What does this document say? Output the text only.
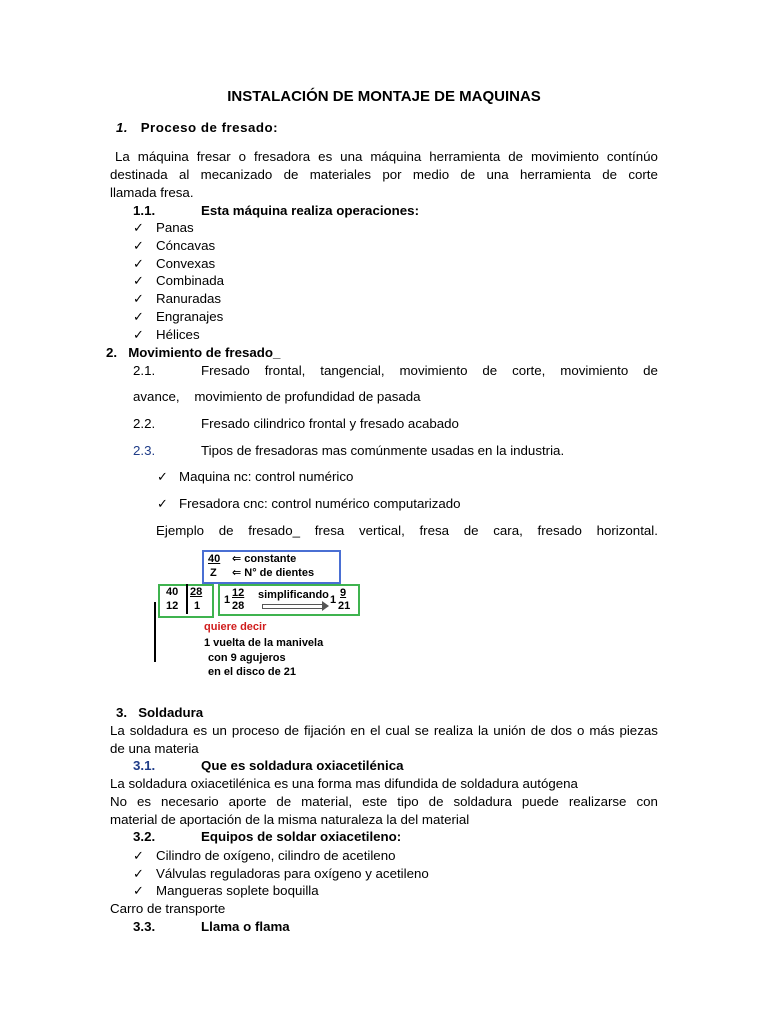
INSTALACIÓN DE MONTAJE DE MAQUINAS
1. Proceso de fresado:
La máquina fresar o fresadora es una máquina herramienta de movimiento contínúo
destinada al mecanizado de materiales por medio de una herramienta de corte
llamada fresa.
1.1.	Esta máquina realiza operaciones:
✓ Panas
✓ Cóncavas
✓ Convexas
✓ Combinada
✓ Ranuradas
✓ Engranajes
✓ Hélices
2. Movimiento de fresado_
2.1.	Fresado frontal, tangencial, movimiento de corte, movimiento de
avance,    movimiento de profundidad de pasada
2.2.	Fresado cilindrico frontal y fresado acabado
2.3.	Tipos de fresadoras mas comúnmente usadas en la industria.
✓ Maquina nc: control numérico
✓ Fresadora cnc: control numérico computarizado
Ejemplo de fresado_ fresa vertical, fresa de cara, fresado horizontal.
40
Z
⇐ constante
⇐ N° de dientes
40
12
28
1 1
12
28
simplificando 1
9
21
quiere decir
1 vuelta de la manivela
con 9 agujeros
en el disco de 21
3. Soldadura
La soldadura es un proceso de fijación en el cual se realiza la unión de dos o más piezas
de una materia
3.1.	Que es soldadura oxiacetilénica
La soldadura oxiacetilénica es una forma mas difundida de soldadura autógena
No es necesario aporte de material, este tipo de soldadura puede realizarse con
material de aportación de la misma naturaleza la del material
3.2.	Equipos de soldar oxiacetileno:
✓ Cilindro de oxígeno, cilindro de acetileno
✓ Válvulas reguladoras para oxígeno y acetileno
✓ Mangueras soplete boquilla
Carro de transporte
3.3.	Llama o flama
